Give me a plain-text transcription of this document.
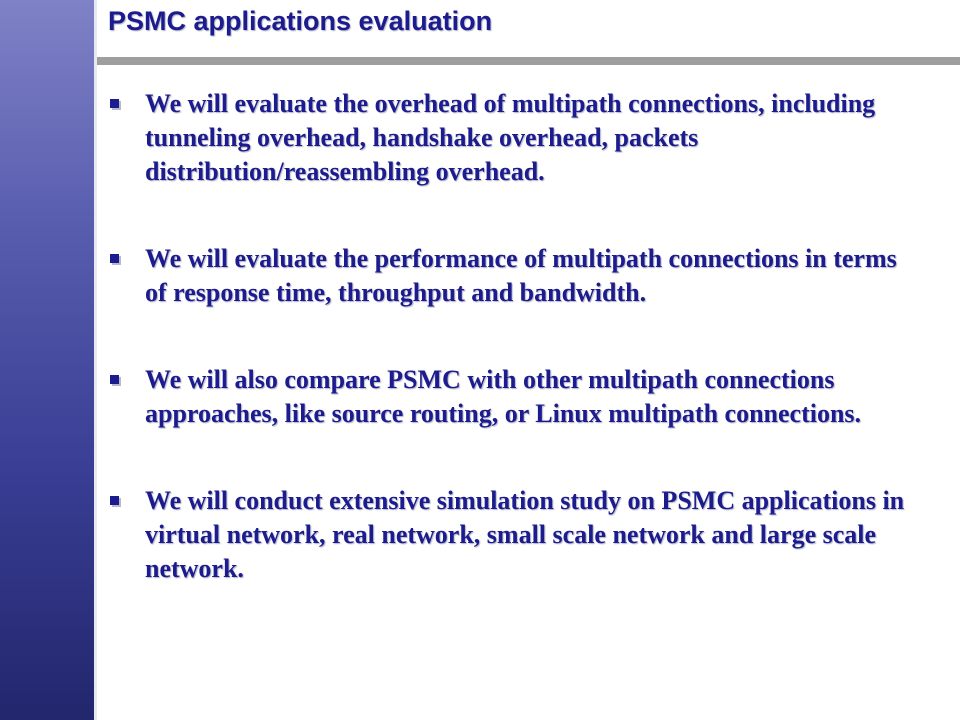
PSMC applications evaluation
We will evaluate the overhead of multipath connections, including tunneling overhead, handshake overhead, packets distribution/reassembling overhead.
We will evaluate the performance of multipath connections in terms of response time, throughput and bandwidth.
We will also compare PSMC with other multipath connections approaches, like source routing, or Linux multipath connections.
We will conduct extensive simulation study on PSMC applications in virtual network, real network, small scale network and large scale network.
